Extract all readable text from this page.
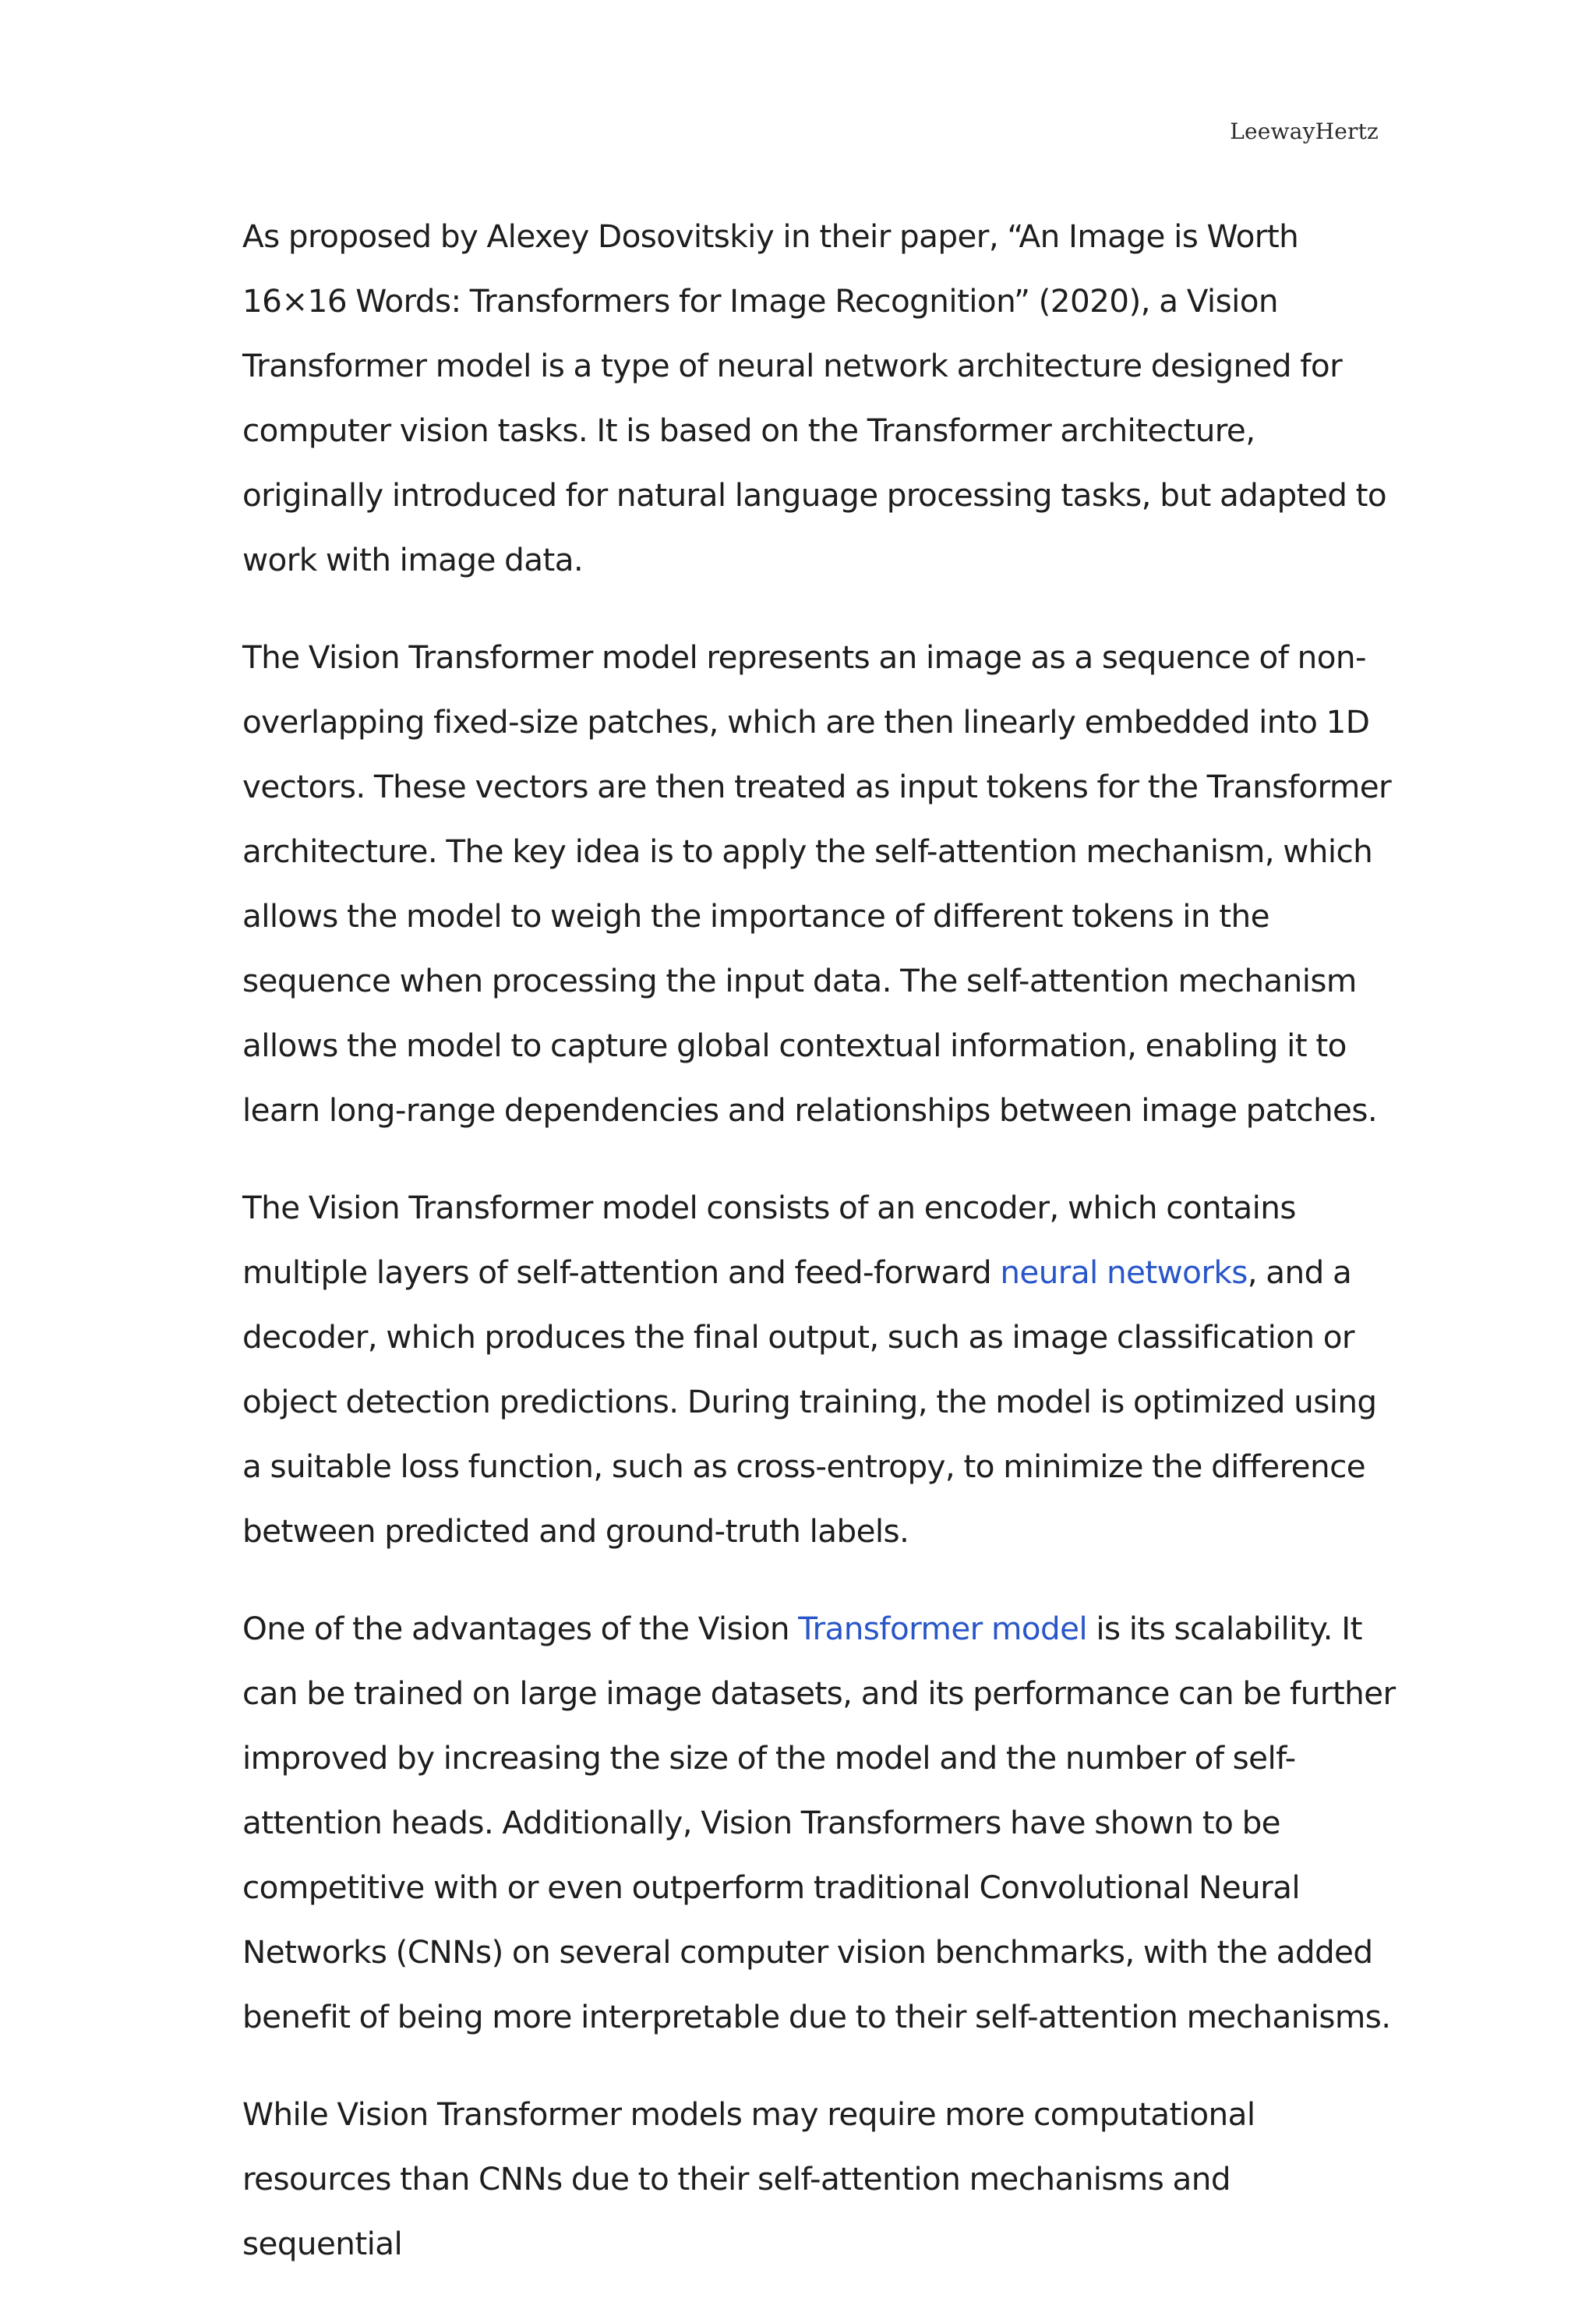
LeewayHertz

As proposed by Alexey Dosovitskiy in their paper, “An Image is Worth 16×16 Words: Transformers for Image Recognition” (2020), a Vision Transformer model is a type of neural network architecture designed for computer vision tasks. It is based on the Transformer architecture, originally introduced for natural language processing tasks, but adapted to work with image data.

The Vision Transformer model represents an image as a sequence of non-overlapping fixed-size patches, which are then linearly embedded into 1D vectors. These vectors are then treated as input tokens for the Transformer architecture. The key idea is to apply the self-attention mechanism, which allows the model to weigh the importance of different tokens in the sequence when processing the input data. The self-attention mechanism allows the model to capture global contextual information, enabling it to learn long-range dependencies and relationships between image patches.

The Vision Transformer model consists of an encoder, which contains multiple layers of self-attention and feed-forward neural networks, and a decoder, which produces the final output, such as image classification or object detection predictions. During training, the model is optimized using a suitable loss function, such as cross-entropy, to minimize the difference between predicted and ground-truth labels.

One of the advantages of the Vision Transformer model is its scalability. It can be trained on large image datasets, and its performance can be further improved by increasing the size of the model and the number of self-attention heads. Additionally, Vision Transformers have shown to be competitive with or even outperform traditional Convolutional Neural Networks (CNNs) on several computer vision benchmarks, with the added benefit of being more interpretable due to their self-attention mechanisms.

While Vision Transformer models may require more computational resources than CNNs due to their self-attention mechanisms and sequential
